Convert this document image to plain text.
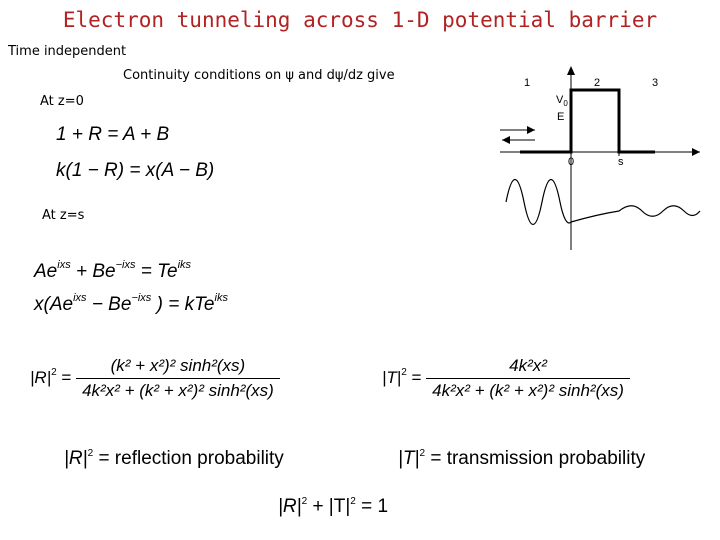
Electron tunneling across 1-D potential barrier
Time independent
Continuity conditions on ψ and dψ/dz give
At z=0
1 + R = A + B
k(1 − R) = x(A − B)
At z=s
$Ae^{ixs} + Be^{-ixs} = Te^{iks}$
$x(Ae^{ixs} - Be^{-ixs}$ ) = kTe$^{iks}$
$|R|^2 = \frac{\text{(k² + x²)² sinh²(xs)}}{\text{4k²x² + (k² + x²)² sinh²(xs)}}$	$|T|^2 = \frac{\text{4k²x²}}{\text{4k²x² + (k² + x²)² sinh²(xs)}}$
$|R|^2$ = reflection probability	$|T|^2$ = transmission probability
$|R|^2 + |T|^2 = 1$
1	2	3
$V_0$
E
0	s
